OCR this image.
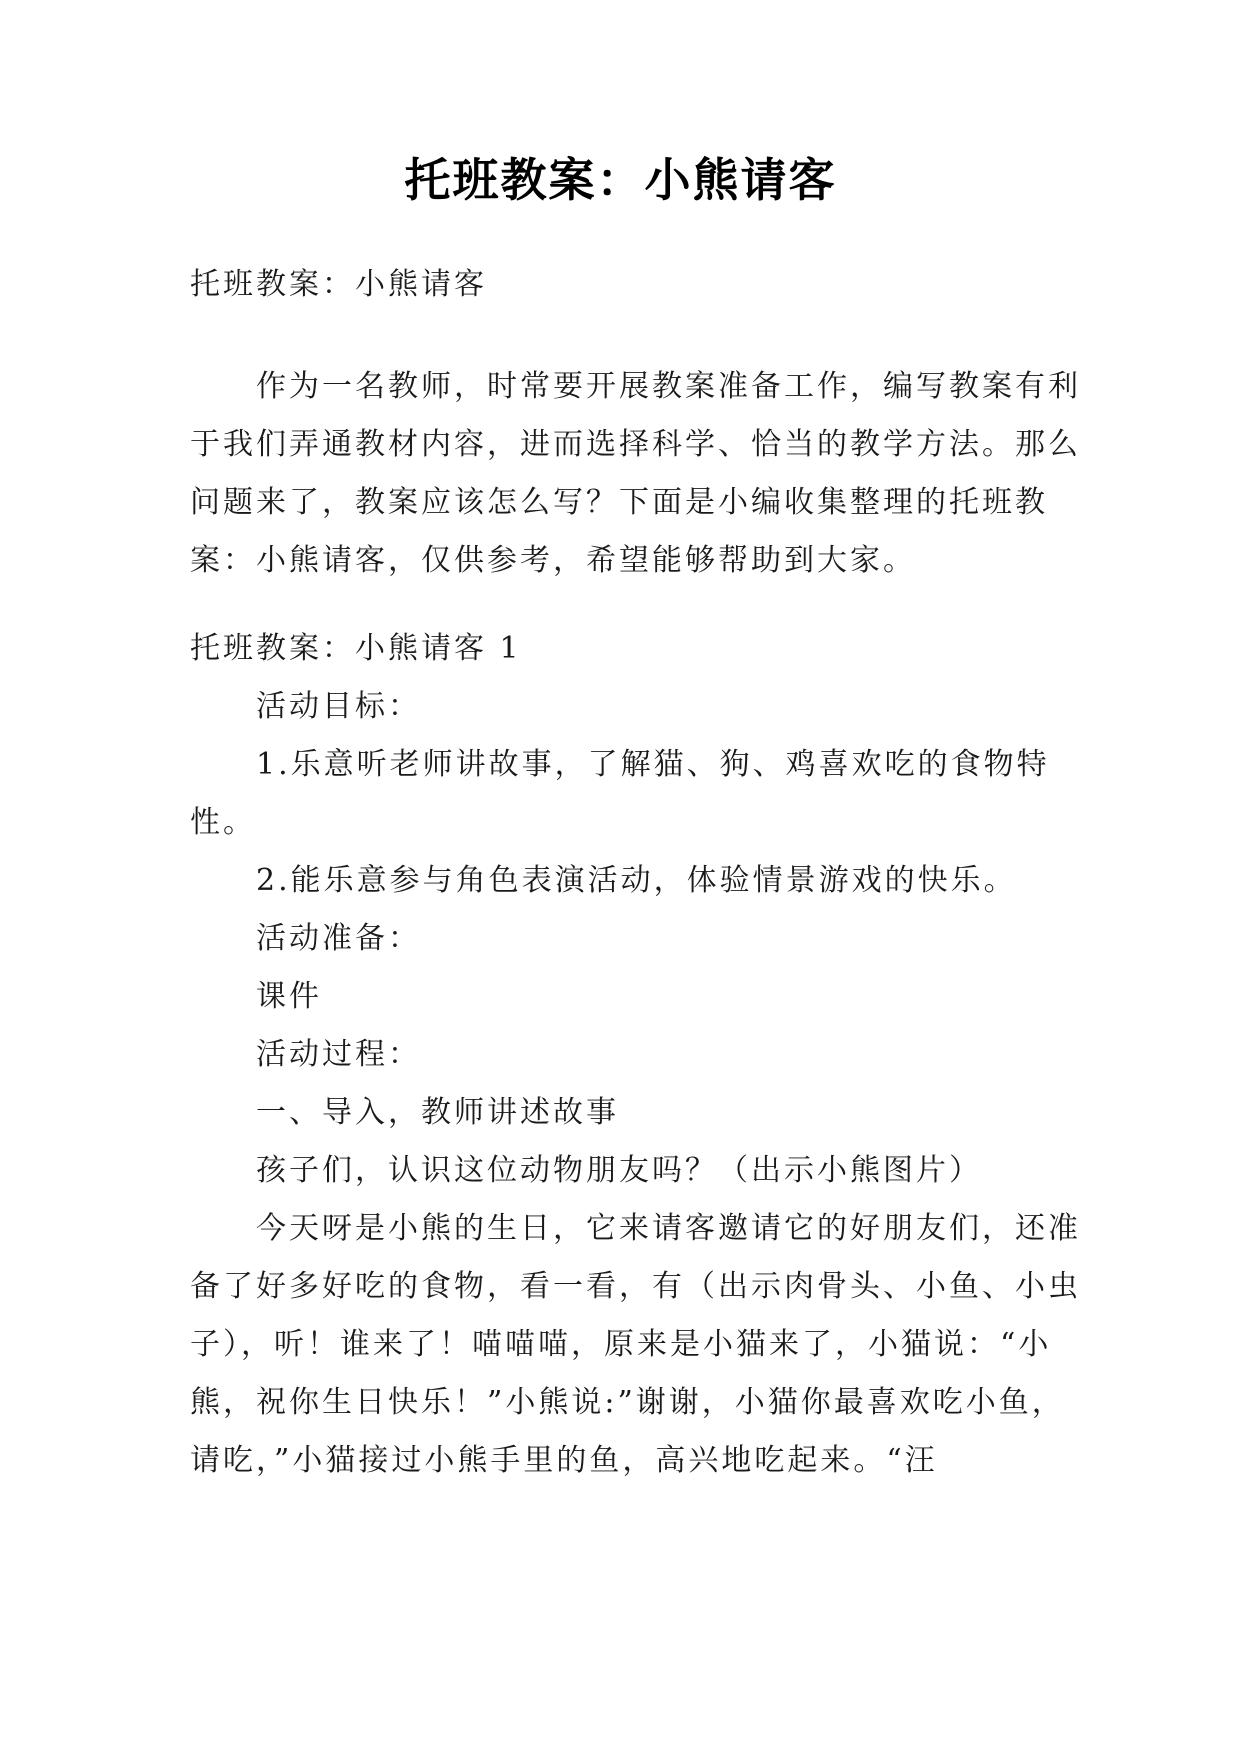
托班教案：小熊请客

托班教案：小熊请客

作为一名教师，时常要开展教案准备工作，编写教案有利于我们弄通教材内容，进而选择科学、恰当的教学方法。那么问题来了，教案应该怎么写？下面是小编收集整理的托班教案：小熊请客，仅供参考，希望能够帮助到大家。

托班教案：小熊请客 1

活动目标：

1.乐意听老师讲故事，了解猫、狗、鸡喜欢吃的食物特性。

2.能乐意参与角色表演活动，体验情景游戏的快乐。

活动准备：

课件

活动过程：

一、导入，教师讲述故事

孩子们，认识这位动物朋友吗？（出示小熊图片）

今天呀是小熊的生日，它来请客邀请它的好朋友们，还准备了好多好吃的食物，看一看，有（出示肉骨头、小鱼、小虫子），听！谁来了！喵喵喵，原来是小猫来了，小猫说：“小熊，祝你生日快乐！”小熊说:”谢谢，小猫你最喜欢吃小鱼，请吃，”小猫接过小熊手里的鱼，高兴地吃起来。“汪
